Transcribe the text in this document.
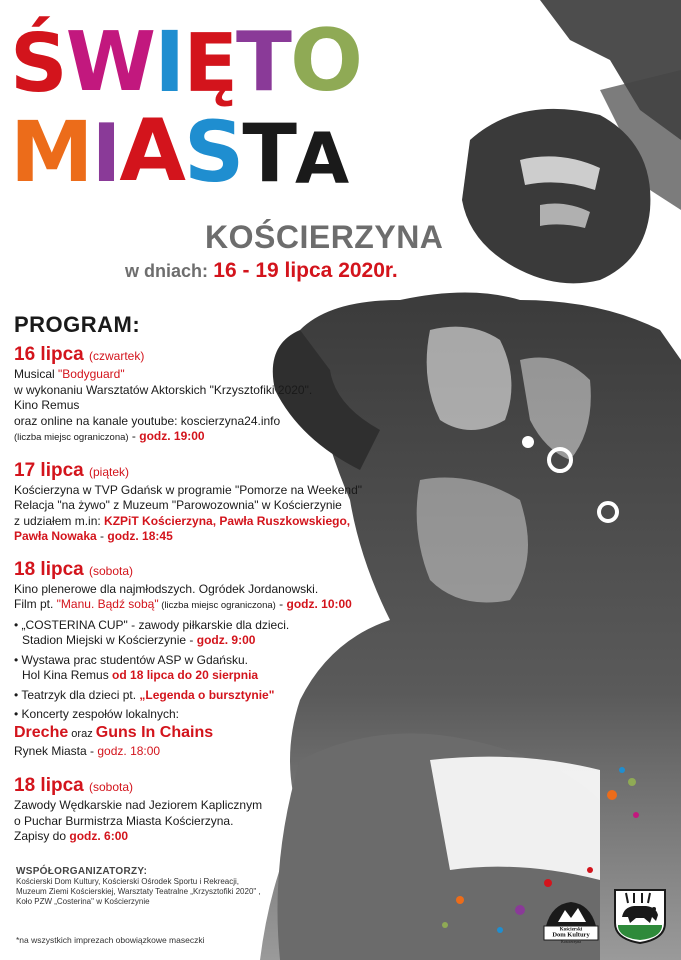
Ś W I Ę T O
M I A S T A
KOŚCIERZYNA
w dniach: 16 - 19 lipca 2020r.
PROGRAM:
16 lipca (czwartek)
Musical "Bodyguard"
w wykonaniu Warsztatów Aktorskich "Krzysztofiki 2020".
Kino Remus
oraz online na kanale youtube: koscierzyna24.info
(liczba miejsc ograniczona) - godz. 19:00
17 lipca (piątek)
Kościerzyna w TVP Gdańsk w programie "Pomorze na Weekend"
Relacja "na żywo" z Muzeum "Parowozownia" w Kościerzynie
z udziałem m.in: KZPiT Kościerzyna, Pawła Ruszkowskiego,
Pawła Nowaka - godz. 18:45
18 lipca (sobota)
Kino plenerowe dla najmłodszych. Ogródek Jordanowski.
Film pt. "Manu. Bądź sobą" (liczba miejsc ograniczona) - godz. 10:00
• „COSTERINA CUP" - zawody piłkarskie dla dzieci.
Stadion Miejski w Kościerzynie - godz. 9:00
• Wystawa prac studentów ASP w Gdańsku.
Hol Kina Remus od 18 lipca do 20 sierpnia
• Teatrzyk dla dzieci pt. „Legenda o bursztynie"
• Koncerty zespołów lokalnych:
Dreche oraz Guns In Chains
Rynek Miasta - godz. 18:00
18 lipca (sobota)
Zawody Wędkarskie nad Jeziorem Kaplicznym
o Puchar Burmistrza Miasta Kościerzyna.
Zapisy do godz. 6:00
WSPÓŁORGANIZATORZY:
Kościerski Dom Kultury, Kościerski Ośrodek Sportu i Rekreacji,
Muzeum Ziemi Kościerskiej, Warsztaty Teatralne „Krzysztofiki 2020" ,
Koło PZW „Costerina" w Kościerzynie
*na wszystkich imprezach obowiązkowe maseczki
Kościerski
Dom Kultury
Kościerzyna
